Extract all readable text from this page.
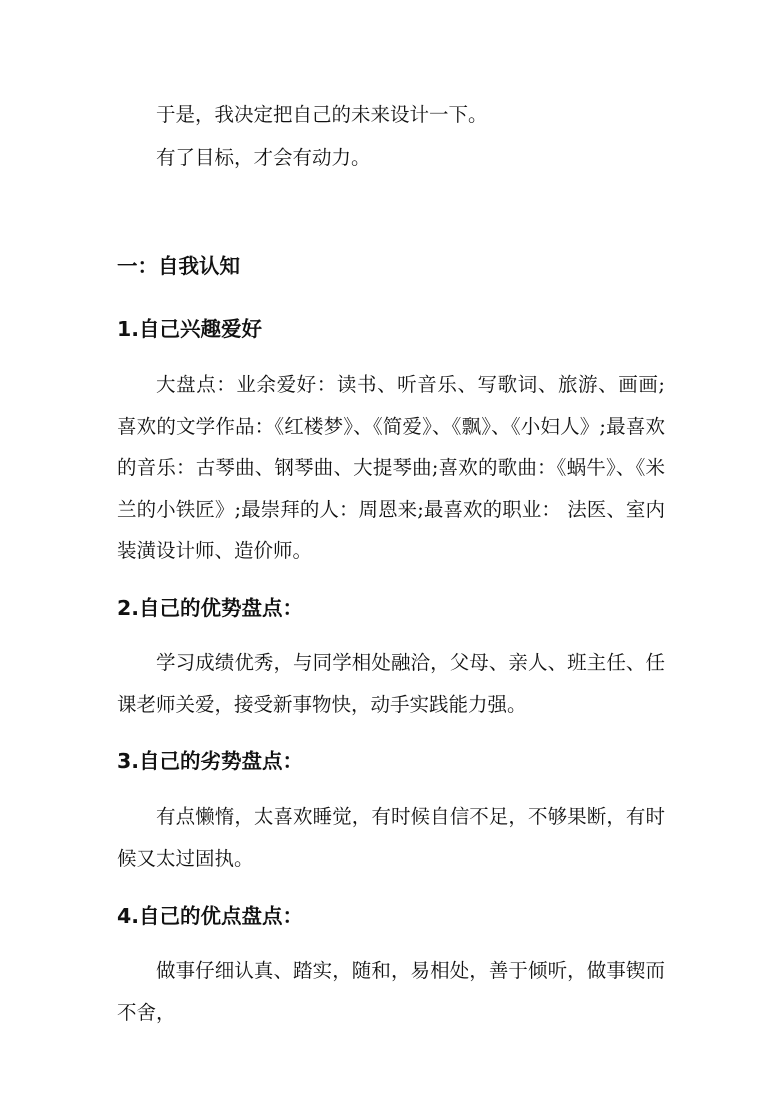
于是，我决定把自己的未来设计一下。
有了目标，才会有动力。
一：自我认知
1.自己兴趣爱好
大盘点：业余爱好：读书、听音乐、写歌词、旅游、画画;喜欢的文学作品：《红楼梦》、《简爱》、《飘》、《小妇人》;最喜欢的音乐：古琴曲、钢琴曲、大提琴曲;喜欢的歌曲：《蜗牛》、《米兰的小铁匠》;最崇拜的人：周恩来;最喜欢的职业： 法医、室内装潢设计师、造价师。
2.自己的优势盘点：
学习成绩优秀，与同学相处融洽，父母、亲人、班主任、任课老师关爱，接受新事物快，动手实践能力强。
3.自己的劣势盘点：
有点懒惰，太喜欢睡觉，有时候自信不足，不够果断，有时候又太过固执。
4.自己的优点盘点：
做事仔细认真、踏实，随和，易相处，善于倾听，做事锲而不舍，
